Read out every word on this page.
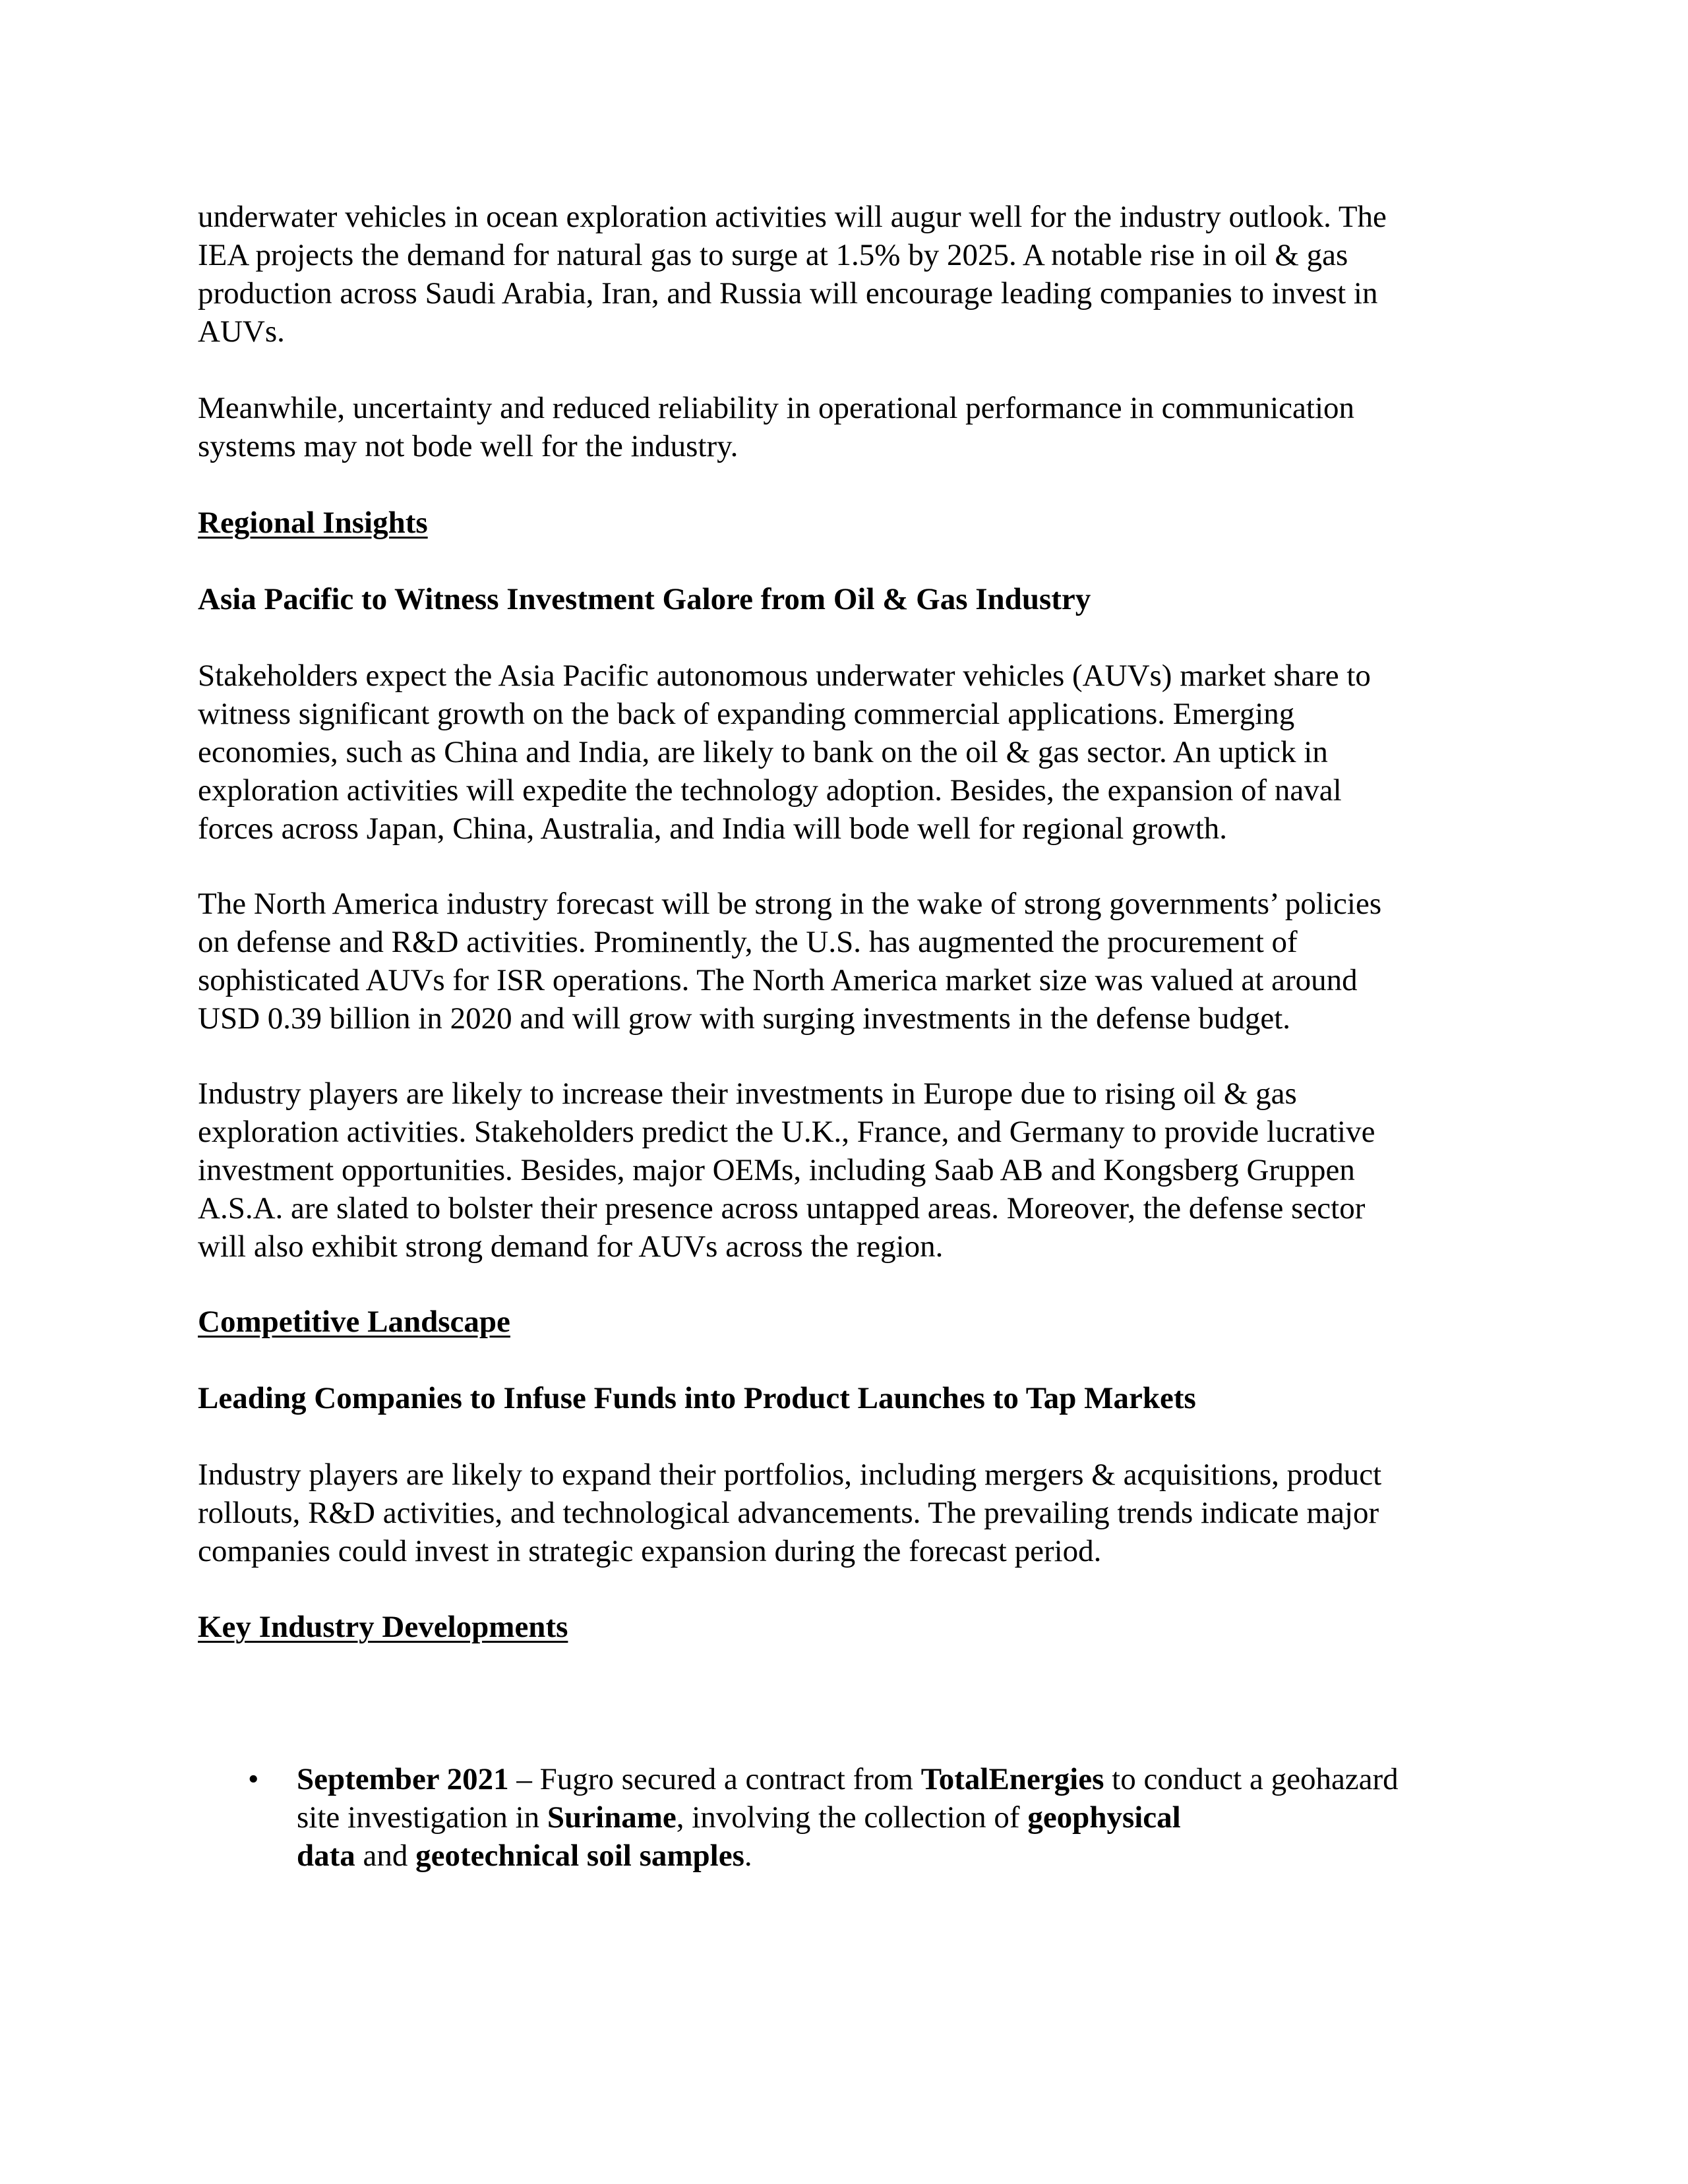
underwater vehicles in ocean exploration activities will augur well for the industry outlook. The

IEA projects the demand for natural gas to surge at 1.5% by 2025. A notable rise in oil & gas

production across Saudi Arabia, Iran, and Russia will encourage leading companies to invest in

AUVs.

Meanwhile, uncertainty and reduced reliability in operational performance in communication

systems may not bode well for the industry.

Regional Insights

Asia Pacific to Witness Investment Galore from Oil & Gas Industry

Stakeholders expect the Asia Pacific autonomous underwater vehicles (AUVs) market share to

witness significant growth on the back of expanding commercial applications. Emerging

economies, such as China and India, are likely to bank on the oil & gas sector. An uptick in

exploration activities will expedite the technology adoption. Besides, the expansion of naval

forces across Japan, China, Australia, and India will bode well for regional growth.

The North America industry forecast will be strong in the wake of strong governments’ policies

on defense and R&D activities. Prominently, the U.S. has augmented the procurement of

sophisticated AUVs for ISR operations. The North America market size was valued at around

USD 0.39 billion in 2020 and will grow with surging investments in the defense budget.

Industry players are likely to increase their investments in Europe due to rising oil & gas

exploration activities. Stakeholders predict the U.K., France, and Germany to provide lucrative

investment opportunities. Besides, major OEMs, including Saab AB and Kongsberg Gruppen

A.S.A. are slated to bolster their presence across untapped areas. Moreover, the defense sector

will also exhibit strong demand for AUVs across the region.

Competitive Landscape

Leading Companies to Infuse Funds into Product Launches to Tap Markets

Industry players are likely to expand their portfolios, including mergers & acquisitions, product

rollouts, R&D activities, and technological advancements. The prevailing trends indicate major

companies could invest in strategic expansion during the forecast period.

Key Industry Developments

• September 2021 – Fugro secured a contract from TotalEnergies to conduct a geohazard

site investigation in Suriname, involving the collection of geophysical

data and geotechnical soil samples.
